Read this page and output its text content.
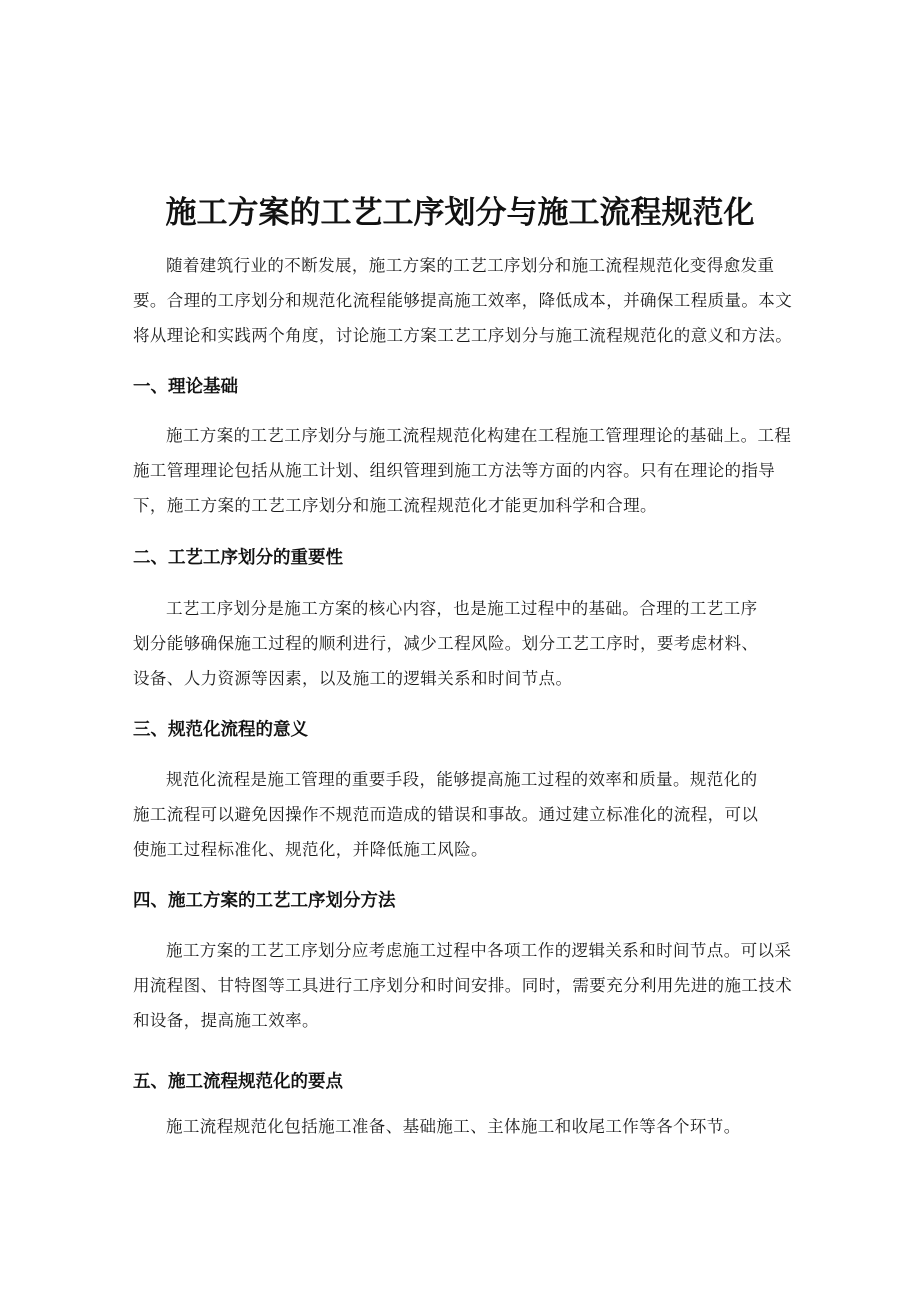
施工方案的工艺工序划分与施工流程规范化

随着建筑行业的不断发展，施工方案的工艺工序划分和施工流程规范化变得愈发重要。合理的工序划分和规范化流程能够提高施工效率，降低成本，并确保工程质量。本文将从理论和实践两个角度，讨论施工方案工艺工序划分与施工流程规范化的意义和方法。

一、理论基础

施工方案的工艺工序划分与施工流程规范化构建在工程施工管理理论的基础上。工程施工管理理论包括从施工计划、组织管理到施工方法等方面的内容。只有在理论的指导下，施工方案的工艺工序划分和施工流程规范化才能更加科学和合理。

二、工艺工序划分的重要性

工艺工序划分是施工方案的核心内容，也是施工过程中的基础。合理的工艺工序划分能够确保施工过程的顺利进行，减少工程风险。划分工艺工序时，要考虑材料、设备、人力资源等因素，以及施工的逻辑关系和时间节点。

三、规范化流程的意义

规范化流程是施工管理的重要手段，能够提高施工过程的效率和质量。规范化的施工流程可以避免因操作不规范而造成的错误和事故。通过建立标准化的流程，可以使施工过程标准化、规范化，并降低施工风险。

四、施工方案的工艺工序划分方法

施工方案的工艺工序划分应考虑施工过程中各项工作的逻辑关系和时间节点。可以采用流程图、甘特图等工具进行工序划分和时间安排。同时，需要充分利用先进的施工技术和设备，提高施工效率。

五、施工流程规范化的要点

施工流程规范化包括施工准备、基础施工、主体施工和收尾工作等各个环节。
